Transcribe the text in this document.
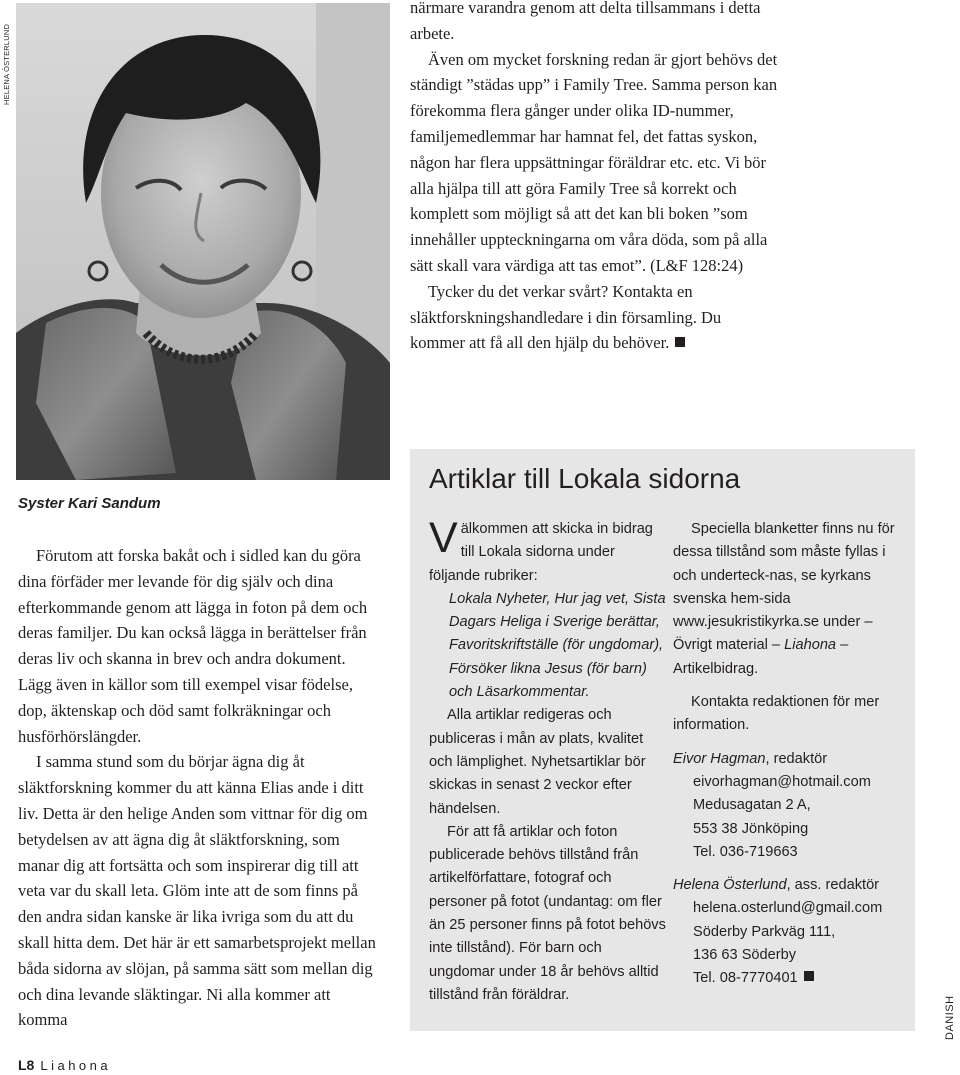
HELENA ÖSTERLUND
Syster Kari Sandum

närmare varandra genom att delta tillsammans i detta arbete.

Även om mycket forskning redan är gjort behövs det ständigt ”städas upp” i Family Tree. Samma person kan förekomma flera gånger under olika ID-nummer, familjemedlemmar har hamnat fel, det fattas syskon, någon har flera uppsättningar föräldrar etc. etc. Vi bör alla hjälpa till att göra Family Tree så korrekt och komplett som möjligt så att det kan bli boken ”som innehåller uppteckningarna om våra döda, som på alla sätt skall vara värdiga att tas emot”. (L&F 128:24)

Tycker du det verkar svårt? Kontakta en släktforskningshandledare i din församling. Du kommer att få all den hjälp du behöver.

Förutom att forska bakåt och i sidled kan du göra dina förfäder mer levande för dig själv och dina efterkommande genom att lägga in foton på dem och deras familjer. Du kan också lägga in berättelser från deras liv och skanna in brev och andra dokument. Lägg även in källor som till exempel visar födelse, dop, äktenskap och död samt folkräkningar och husförhörslängder.

I samma stund som du börjar ägna dig åt släktforskning kommer du att känna Elias ande i ditt liv. Detta är den helige Anden som vittnar för dig om betydelsen av att ägna dig åt släktforskning, som manar dig att fortsätta och som inspirerar dig till att veta var du skall leta. Glöm inte att de som finns på den andra sidan kanske är lika ivriga som du att du skall hitta dem. Det här är ett samarbetsprojekt mellan båda sidorna av slöjan, på samma sätt som mellan dig och dina levande släktingar. Ni alla kommer att komma

Artiklar till Lokala sidorna

Välkommen att skicka in bidrag till Lokala sidorna under följande rubriker:

Lokala Nyheter, Hur jag vet, Sista Dagars Heliga i Sverige berättar, Favoritskriftställe (för ungdomar), Försöker likna Jesus (för barn) och Läsarkommentar.

Alla artiklar redigeras och publiceras i mån av plats, kvalitet och lämplighet. Nyhetsartiklar bör skickas in senast 2 veckor efter händelsen.

För att få artiklar och foton publicerade behövs tillstånd från artikelförfattare, fotograf och personer på fotot (undantag: om fler än 25 personer finns på fotot behövs inte tillstånd). För barn och ungdomar under 18 år behövs alltid tillstånd från föräldrar.

Speciella blanketter finns nu för dessa tillstånd som måste fyllas i och underteck-nas, se kyrkans svenska hem-sida www.jesukristikyrka.se under – Övrigt material – Liahona – Artikelbidrag.

Kontakta redaktionen för mer information.

Eivor Hagman, redaktör

eivorhagman@hotmail.com

Medusagatan 2 A,

553 38 Jönköping

Tel. 036-719663

Helena Österlund, ass. redaktör

helena.osterlund@gmail.com

Söderby Parkväg 111,

136 63 Söderby

Tel. 08-7770401

DANISH
L8 Liahona
